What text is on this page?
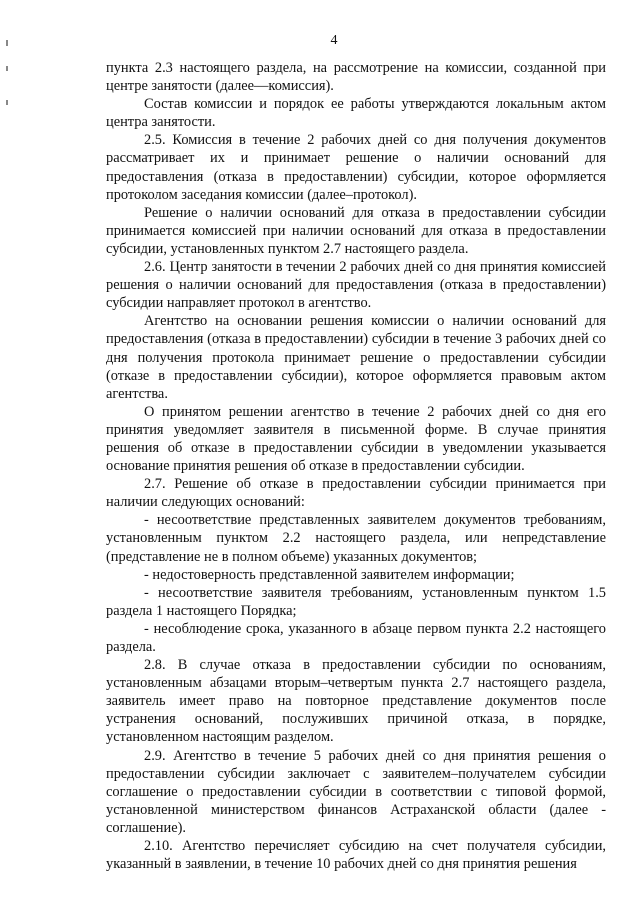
4

пункта 2.3 настоящего раздела, на рассмотрение на комиссии, созданной при центре занятости (далее—комиссия).

Состав комиссии и порядок ее работы утверждаются локальным актом центра занятости.

2.5. Комиссия в течение 2 рабочих дней со дня получения документов рассматривает их и принимает решение о наличии оснований для предоставления (отказа в предоставлении) субсидии, которое оформляется протоколом заседания комиссии (далее–протокол).

Решение о наличии оснований для отказа в предоставлении субсидии принимается комиссией при наличии оснований для отказа в предоставлении субсидии, установленных пунктом 2.7 настоящего раздела.

2.6. Центр занятости в течении 2 рабочих дней со дня принятия комиссией решения о наличии оснований для предоставления (отказа в предоставлении) субсидии направляет протокол в агентство.

Агентство на основании решения комиссии о наличии оснований для предоставления (отказа в предоставлении) субсидии в течение 3 рабочих дней со дня получения протокола принимает решение о предоставлении субсидии (отказе в предоставлении субсидии), которое оформляется правовым актом агентства.

О принятом решении агентство в течение 2 рабочих дней со дня его принятия уведомляет заявителя в письменной форме. В случае принятия решения об отказе в предоставлении субсидии в уведомлении указывается основание принятия решения об отказе в предоставлении субсидии.

2.7. Решение об отказе в предоставлении субсидии принимается при наличии следующих оснований:

- несоответствие представленных заявителем документов требованиям, установленным пунктом 2.2 настоящего раздела, или непредставление (представление не в полном объеме) указанных документов;

- недостоверность представленной заявителем информации;

- несоответствие заявителя требованиям, установленным пунктом 1.5 раздела 1 настоящего Порядка;

- несоблюдение срока, указанного в абзаце первом пункта 2.2 настоящего раздела.

2.8. В случае отказа в предоставлении субсидии по основаниям, установленным абзацами вторым–четвертым пункта 2.7 настоящего раздела, заявитель имеет право на повторное представление документов после устранения оснований, послуживших причиной отказа, в порядке, установленном настоящим разделом.

2.9. Агентство в течение 5 рабочих дней со дня принятия решения о предоставлении субсидии заключает с заявителем–получателем субсидии соглашение о предоставлении субсидии в соответствии с типовой формой, установленной министерством финансов Астраханской области (далее - соглашение).

2.10. Агентство перечисляет субсидию на счет получателя субсидии, указанный в заявлении, в течение 10 рабочих дней со дня принятия решения
